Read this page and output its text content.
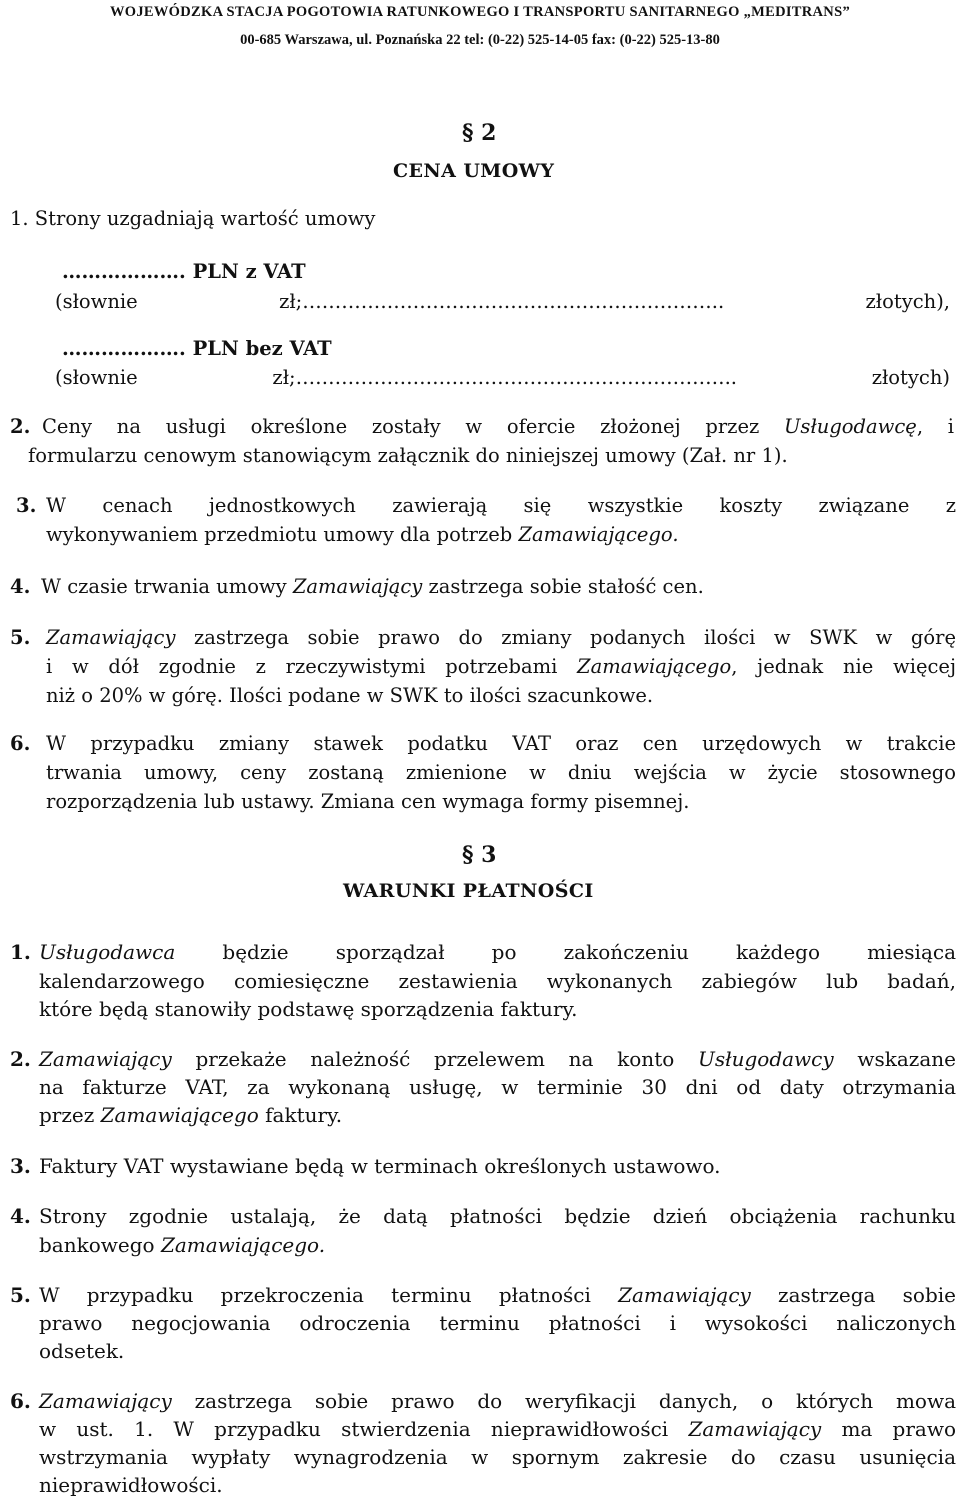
WOJEWÓDZKA STACJA POGOTOWIA RATUNKOWEGO I TRANSPORTU SANITARNEGO „MEDITRANS”

00-685 Warszawa, ul. Poznańska 22 tel: (0-22) 525-14-05 fax: (0-22) 525-13-80

§ 2

CENA UMOWY

1. Strony uzgadniają wartość umowy

………………. PLN z VAT

(słownie zł;……………………………………………………….. złotych),

………………. PLN bez VAT

(słownie zł;………………………………………………………….. złotych)

2. Ceny na usługi określone zostały w ofercie złożonej przez Usługodawcę, i

formularzu cenowym stanowiącym załącznik do niniejszej umowy (Zał. nr 1).

3. W cenach jednostkowych zawierają się wszystkie koszty związane z

wykonywaniem przedmiotu umowy dla potrzeb Zamawiającego.

4. W czasie trwania umowy Zamawiający zastrzega sobie stałość cen.

5. Zamawiający zastrzega sobie prawo do zmiany podanych ilości w SWK w górę

i w dół zgodnie z rzeczywistymi potrzebami Zamawiającego, jednak nie więcej

niż o 20% w górę. Ilości podane w SWK to ilości szacunkowe.

6. W przypadku zmiany stawek podatku VAT oraz cen urzędowych w trakcie

trwania umowy, ceny zostaną zmienione w dniu wejścia w życie stosownego

rozporządzenia lub ustawy. Zmiana cen wymaga formy pisemnej.

§ 3

WARUNKI PŁATNOŚCI

1. Usługodawca będzie sporządzał po zakończeniu każdego miesiąca

kalendarzowego comiesięczne zestawienia wykonanych zabiegów lub badań,

które będą stanowiły podstawę sporządzenia faktury.

2. Zamawiający przekaże należność przelewem na konto Usługodawcy wskazane

na fakturze VAT, za wykonaną usługę, w terminie 30 dni od daty otrzymania

przez Zamawiającego faktury.

3. Faktury VAT wystawiane będą w terminach określonych ustawowo.

4. Strony zgodnie ustalają, że datą płatności będzie dzień obciążenia rachunku

bankowego Zamawiającego.

5. W przypadku przekroczenia terminu płatności Zamawiający zastrzega sobie

prawo negocjowania odroczenia terminu płatności i wysokości naliczonych

odsetek.

6. Zamawiający zastrzega sobie prawo do weryfikacji danych, o których mowa

w ust. 1. W przypadku stwierdzenia nieprawidłowości Zamawiający ma prawo

wstrzymania wypłaty wynagrodzenia w spornym zakresie do czasu usunięcia

nieprawidłowości.
